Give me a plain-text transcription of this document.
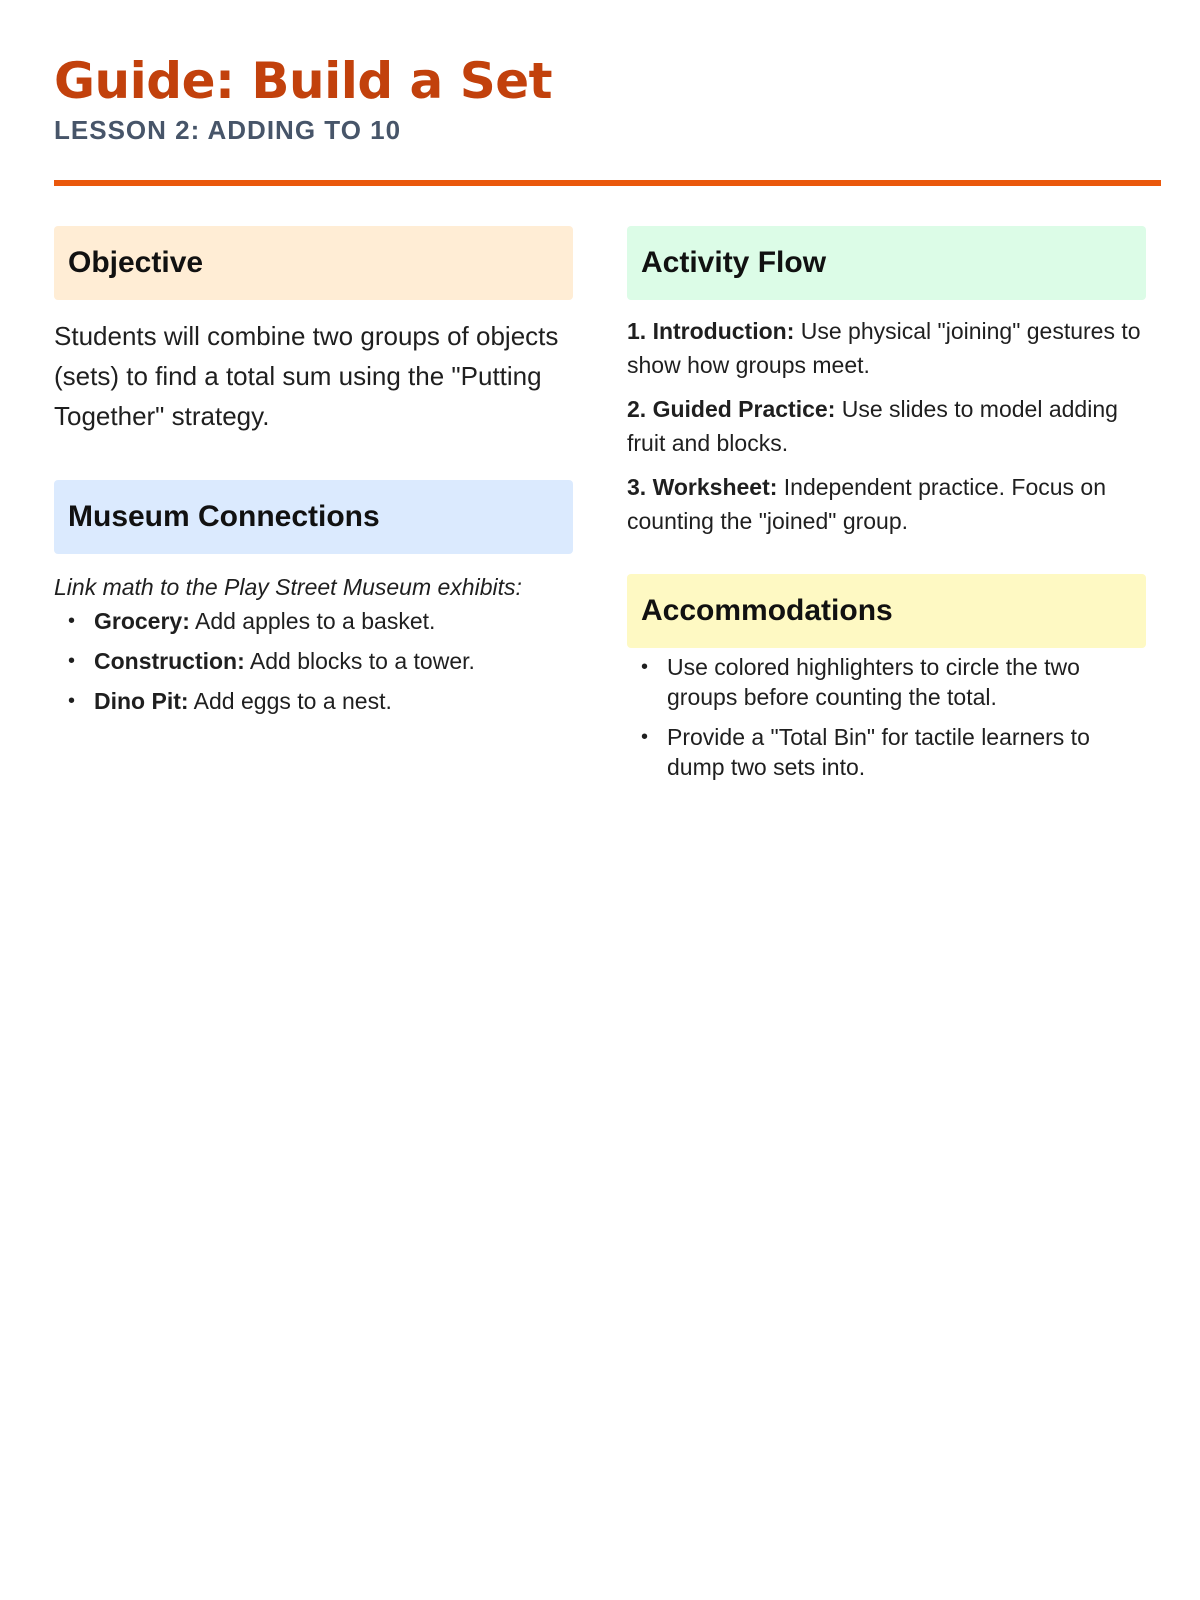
Guide: Build a Set
LESSON 2: ADDING TO 10
Objective

Students will combine two groups of objects (sets) to find a total sum using the "Putting Together" strategy.

Museum Connections

Link math to the Play Street Museum exhibits:

• Grocery: Add apples to a basket.
• Construction: Add blocks to a tower.
• Dino Pit: Add eggs to a nest.
Activity Flow
1. Introduction: Use physical "joining" gestures to show how groups meet.
2. Guided Practice: Use slides to model adding fruit and blocks.
3. Worksheet: Independent practice. Focus on counting the "joined" group.
Accommodations
• Use colored highlighters to circle the two groups before counting the total.
• Provide a "Total Bin" for tactile learners to dump two sets into.
